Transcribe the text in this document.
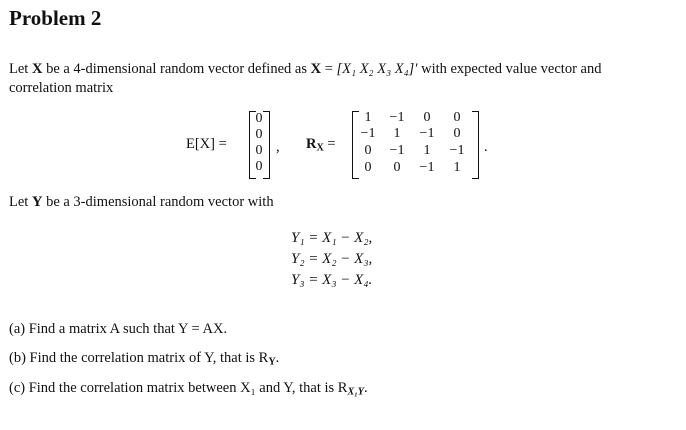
Problem 2
Let X be a 4-dimensional random vector defined as X = [X₁ X₂ X₃ X₄]′ with expected value vector and
correlation matrix
E[X] =
0
0
0
0
, $R_X$ =
1	−1	0	0
−1	1	−1	0
0	−1	1	−1
0	0	−1	1
.
Let Y be a 3-dimensional random vector with
Y₁ = X₁ − X₂,
Y₂ = X₂ − X₃,
Y₃ = X₃ − X₄.
(a) Find a matrix A such that Y = AX.
(b) Find the correlation matrix of Y, that is $R_Y$.
(c) Find the correlation matrix between X₁ and Y, that is $R_{X_1Y}$.
